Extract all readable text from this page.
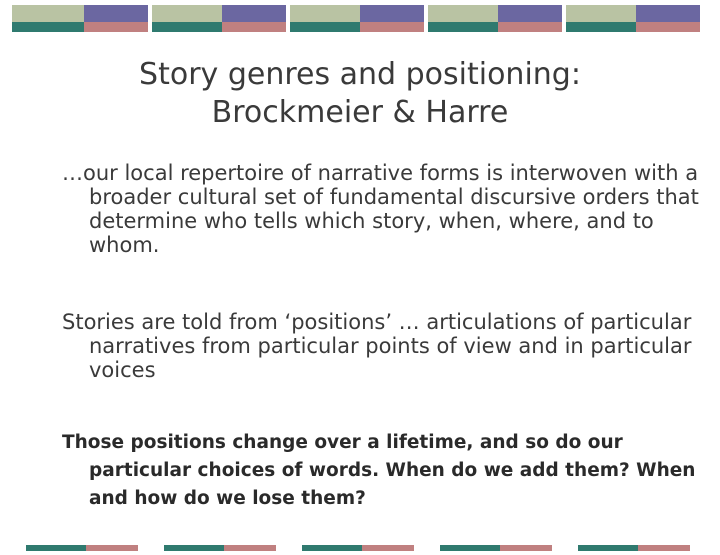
Story genres and positioning:
Brockmeier & Harre
…our local repertoire of narrative forms is interwoven with a broader cultural set of fundamental discursive orders that determine who tells which story, when, where, and to whom.
Stories are told from ‘positions’ … articulations of particular narratives from particular points of view and in particular voices
Those positions change over a lifetime, and so do our particular choices of words. When do we add them? When and how do we lose them?
